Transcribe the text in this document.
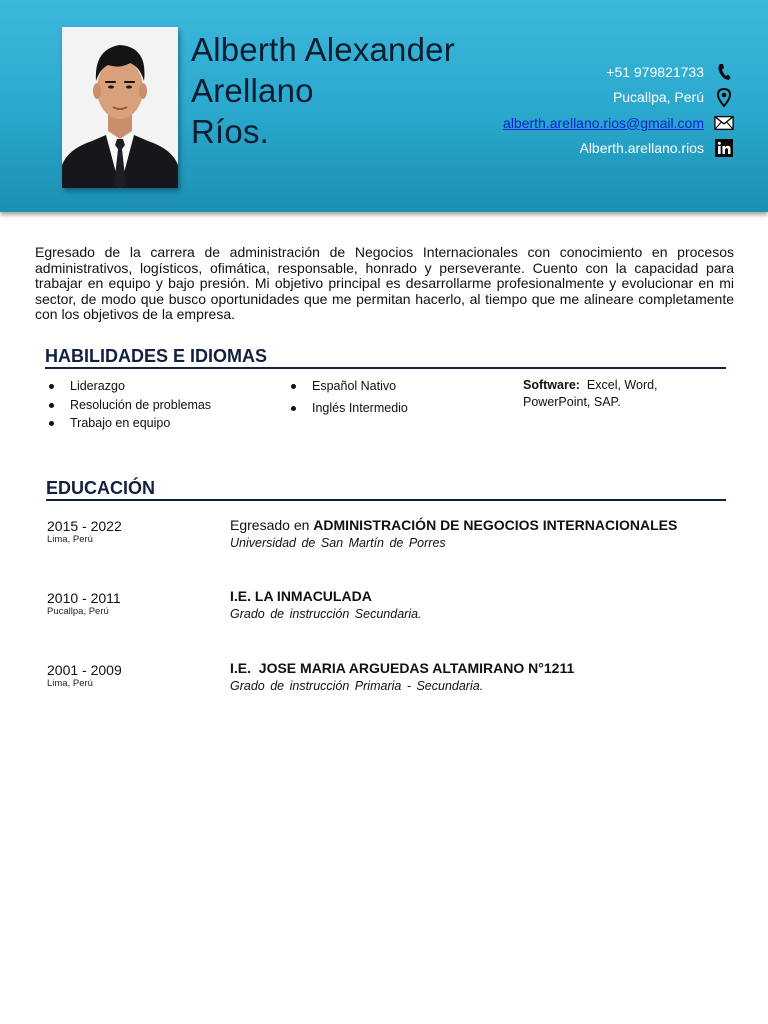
Alberth Alexander
Arellano
Ríos.
+51 979821733
Pucallpa, Perú
alberth.arellano.rios@gmail.com
Alberth.arellano.rios
Egresado de la carrera de administración de Negocios Internacionales con conocimiento en procesos administrativos, logísticos, ofimática, responsable, honrado y perseverante. Cuento con la capacidad para trabajar en equipo y bajo presión. Mi objetivo principal es desarrollarme profesionalmente y evolucionar en mi sector, de modo que busco oportunidades que me permitan hacerlo, al tiempo que me alineare completamente con los objetivos de la empresa.
HABILIDADES E IDIOMAS
Liderazgo
Resolución de problemas
Trabajo en equipo
Español Nativo
Inglés Intermedio
Software: Excel, Word, PowerPoint, SAP.
EDUCACIÓN
2015 - 2022
Lima, Perú
Egresado en ADMINISTRACIÓN DE NEGOCIOS INTERNACIONALES
Universidad de San Martín de Porres
2010 - 2011
Pucallpa, Perú
I.E. LA INMACULADA
Grado de instrucción Secundaria.
2001 - 2009
Lima, Perú
I.E.  JOSE MARIA ARGUEDAS ALTAMIRANO N°1211
Grado de instrucción Primaria - Secundaria.
